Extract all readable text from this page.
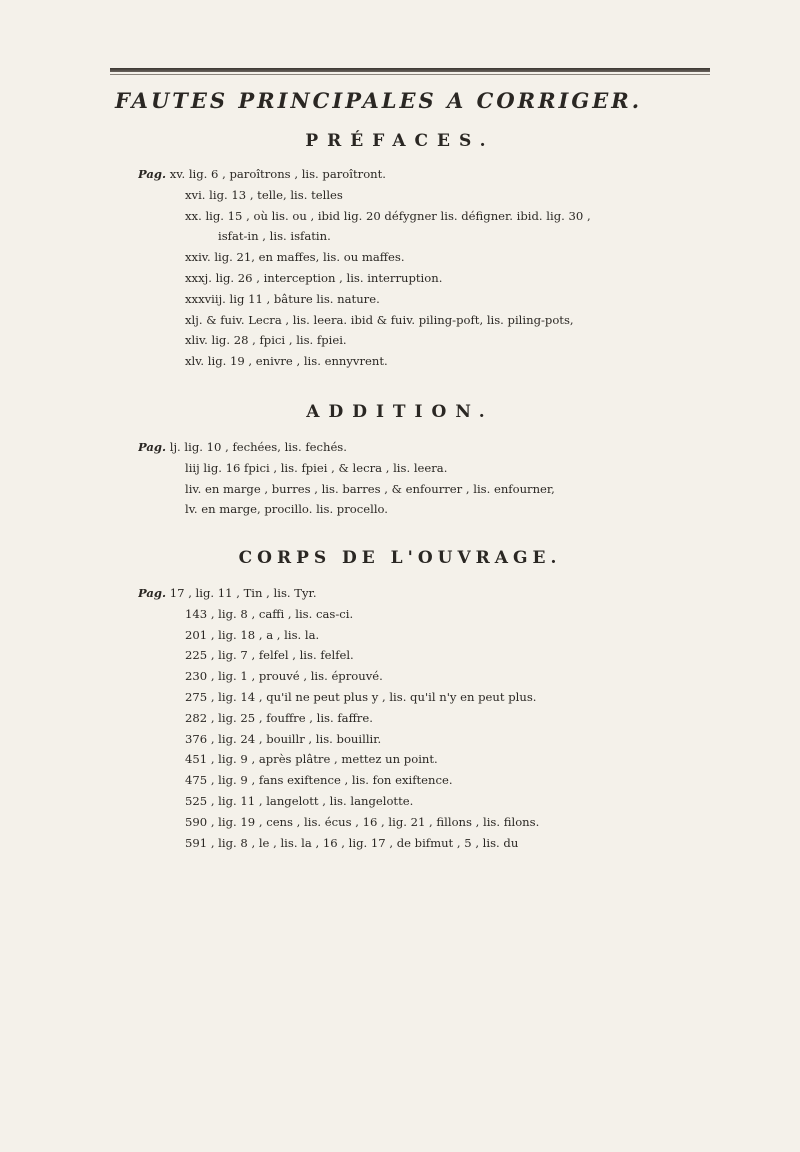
FAUTES PRINCIPALES A CORRIGER.
PRÉFACES.
Pag. xv. lig. 6 , paroîtrons , lis. paroîtront.
xvi. lig. 13 , telle, lis. telles
xx. lig. 15 , où lis. ou , ibid lig. 20 défygner lis. défigner. ibid. lig. 30 ,
isfat-in , lis. isfatin.
xxiv. lig. 21, en maffes, lis. ou maffes.
xxxj. lig. 26 , interception , lis. interruption.
xxxviij. lig 11 , bâture lis. nature.
xlj. & fuiv. Lecra , lis. leera. ibid & fuiv. piling-poft, lis. piling-pots,
xliv. lig. 28 , fpici , lis. fpiei.
xlv. lig. 19 , enivre , lis. ennyvrent.
ADDITION.
Pag. lj. lig. 10 , fechées, lis. fechés.
liij lig. 16 fpici , lis. fpiei , & lecra , lis. leera.
liv. en marge , burres , lis. barres , & enfourrer , lis. enfourner,
lv. en marge, procillo. lis. procello.
CORPS DE L'OUVRAGE.
Pag. 17 , lig. 11 , Tin , lis. Tyr.
143 , lig. 8 , caffi , lis. cas-ci.
201 , lig. 18 , a , lis. la.
225 , lig. 7 , felfel , lis. felfel.
230 , lig. 1 , prouvé , lis. éprouvé.
275 , lig. 14 , qu'il ne peut plus y , lis. qu'il n'y en peut plus.
282 , lig. 25 , fouffre , lis. faffre.
376 , lig. 24 , bouillr , lis. bouillir.
451 , lig. 9 , après plâtre , mettez un point.
475 , lig. 9 , fans exiftence , lis. fon exiftence.
525 , lig. 11 , langelott , lis. langelotte.
590 , lig. 19 , cens , lis. écus , 16 , lig. 21 , fillons , lis. filons.
591 , lig. 8 , le , lis. la , 16 , lig. 17 , de bifmut , 5 , lis. du
